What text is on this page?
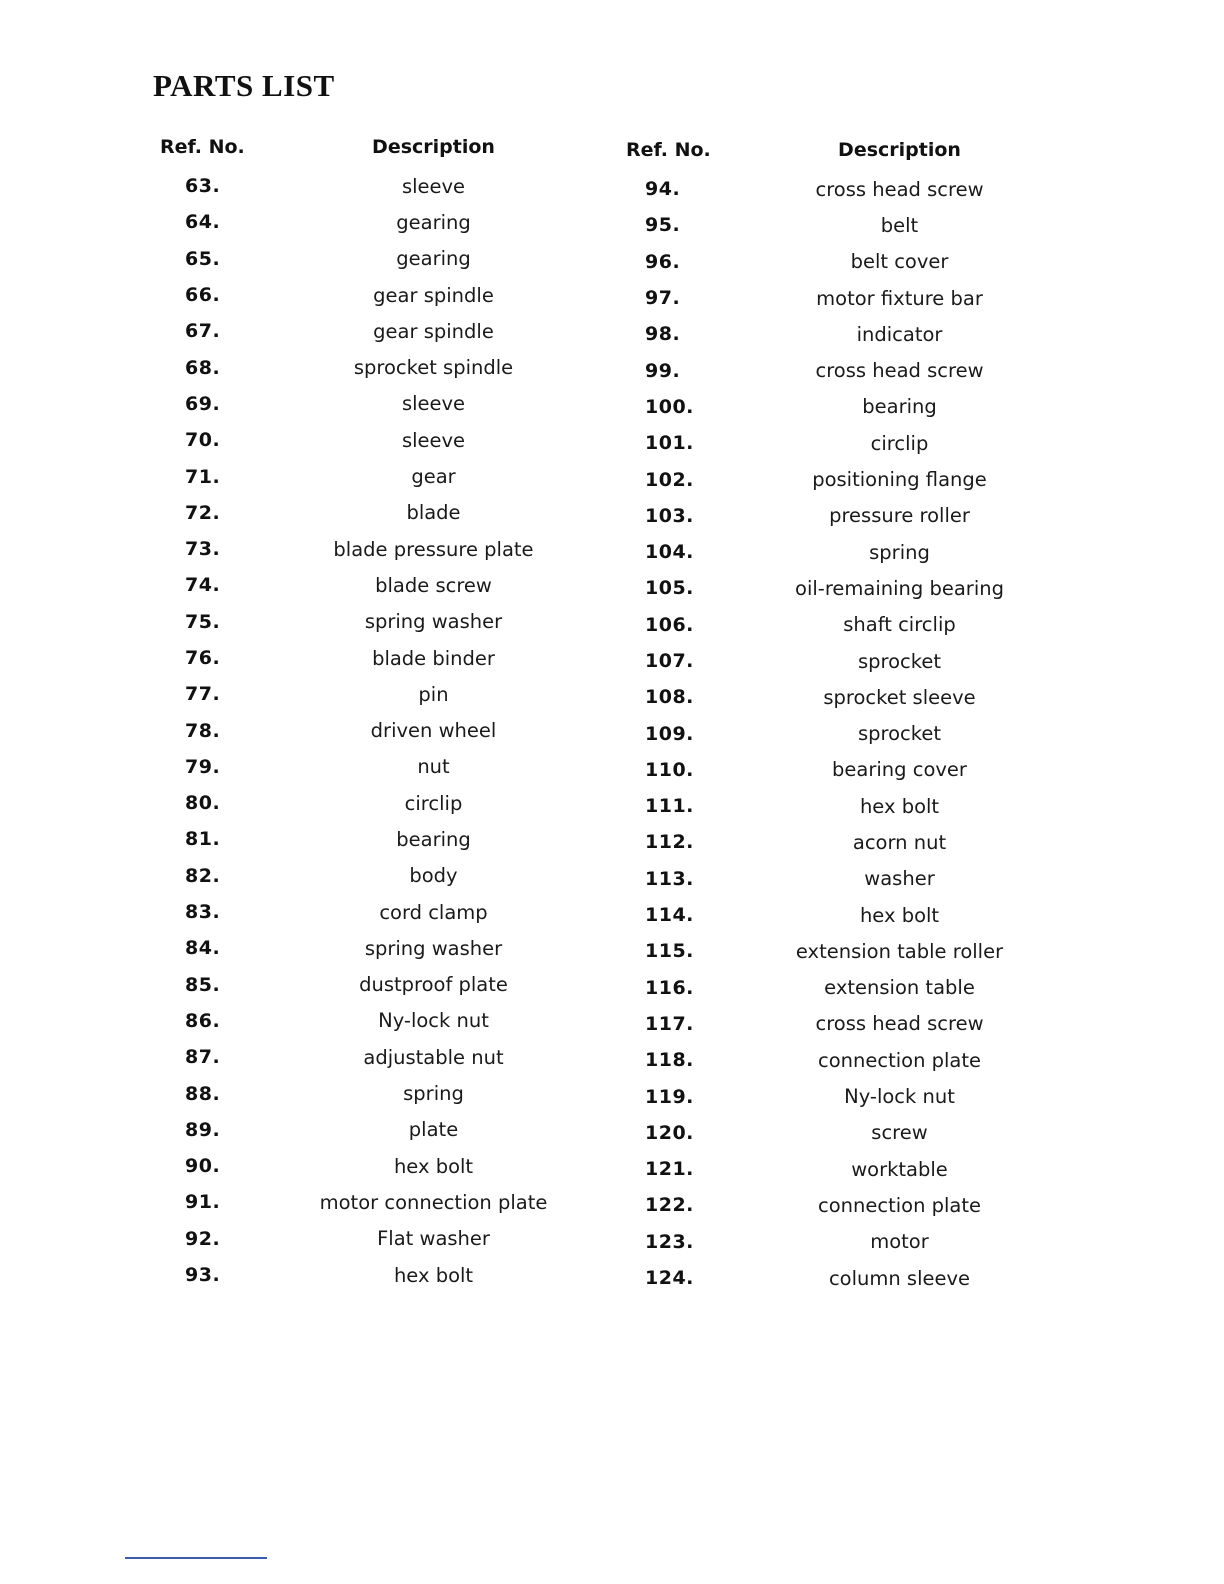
PARTS LIST
Ref. No.	Description
63.	sleeve
64.	gearing
65.	gearing
66.	gear spindle
67.	gear spindle
68.	sprocket spindle
69.	sleeve
70.	sleeve
71.	gear
72.	blade
73.	blade pressure plate
74.	blade screw
75.	spring washer
76.	blade binder
77.	pin
78.	driven wheel
79.	nut
80.	circlip
81.	bearing
82.	body
83.	cord clamp
84.	spring washer
85.	dustproof plate
86.	Ny-lock nut
87.	adjustable nut
88.	spring
89.	plate
90.	hex bolt
91.	motor connection plate
92.	Flat washer
93.	hex bolt
Ref. No.	Description
94.	cross head screw
95.	belt
96.	belt cover
97.	motor fixture bar
98.	indicator
99.	cross head screw
100.	bearing
101.	circlip
102.	positioning flange
103.	pressure roller
104.	spring
105.	oil-remaining bearing
106.	shaft circlip
107.	sprocket
108.	sprocket sleeve
109.	sprocket
110.	bearing cover
111.	hex bolt
112.	acorn nut
113.	washer
114.	hex bolt
115.	extension table roller
116.	extension table
117.	cross head screw
118.	connection plate
119.	Ny-lock nut
120.	screw
121.	worktable
122.	connection plate
123.	motor
124.	column sleeve
